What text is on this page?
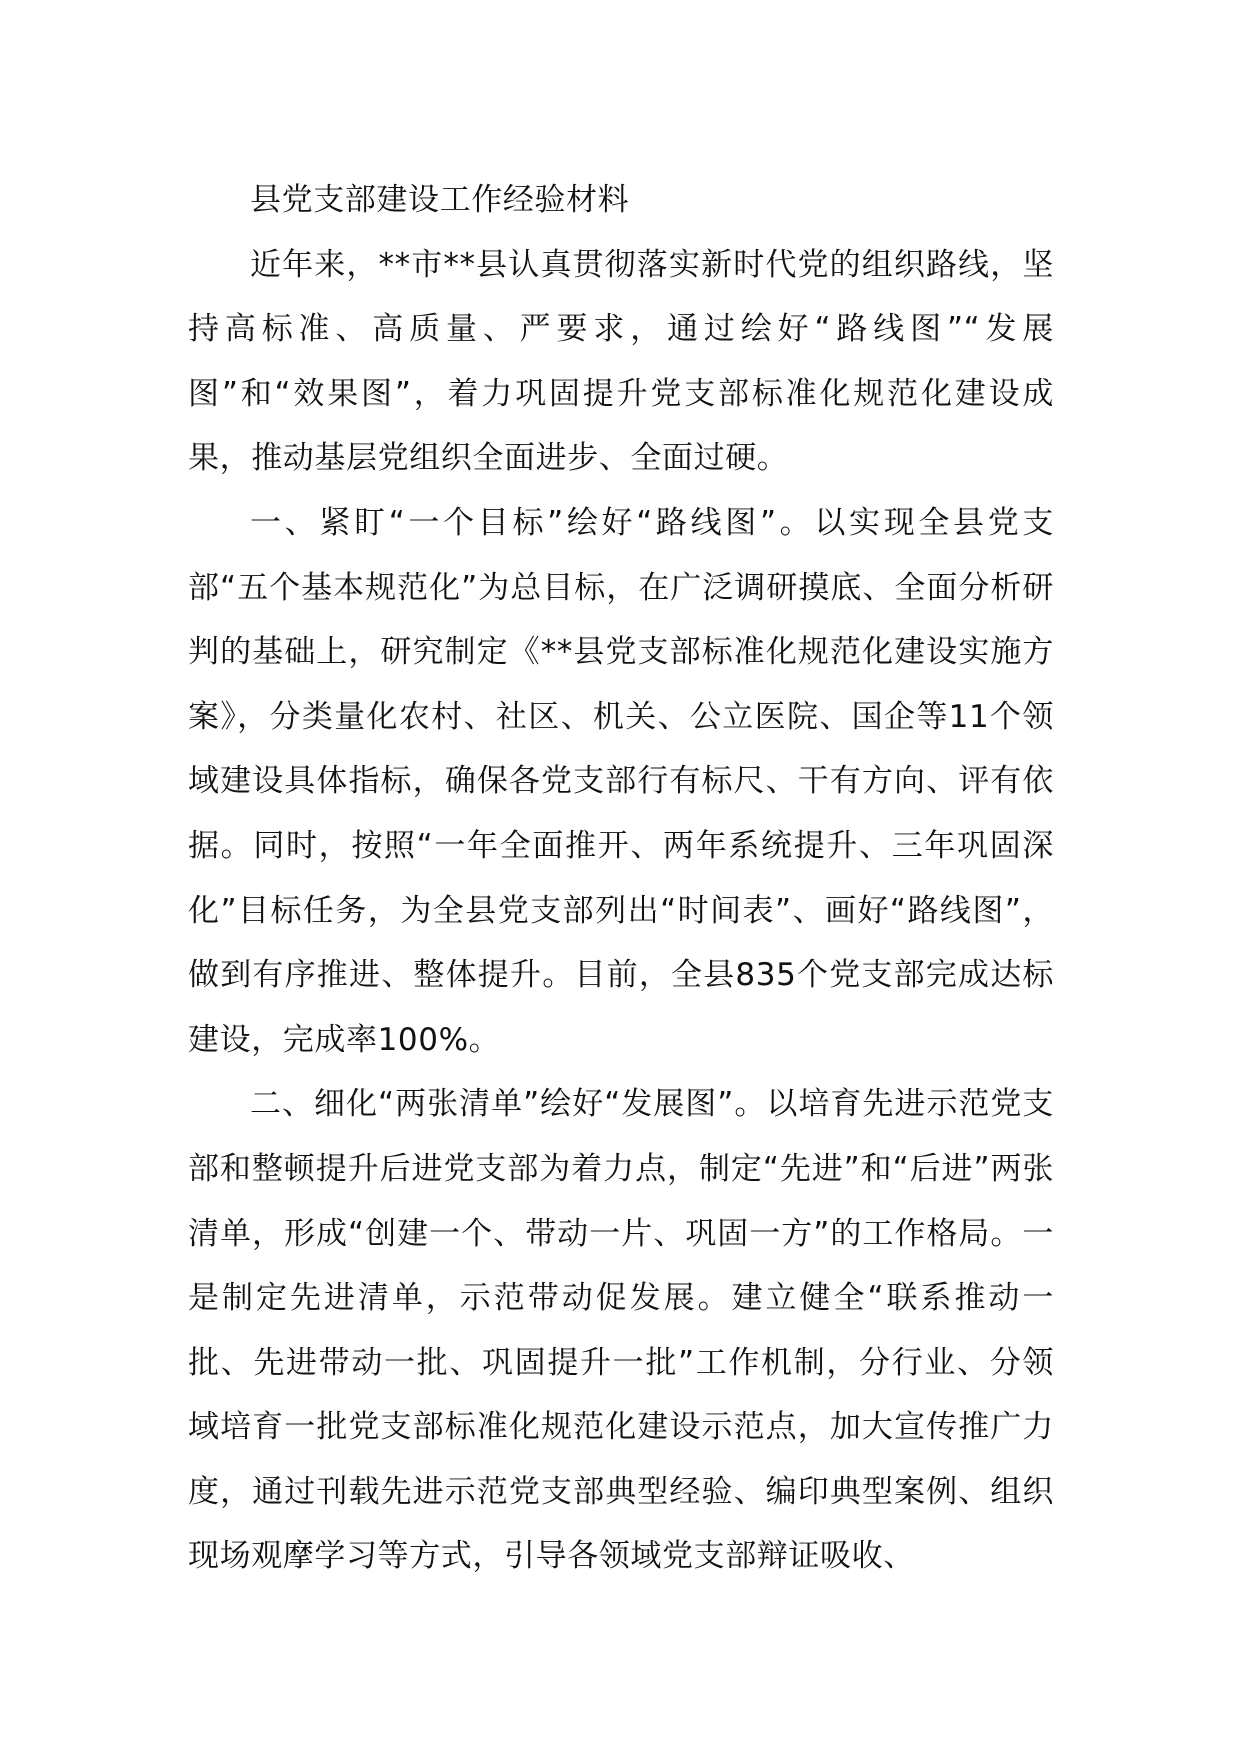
县党支部建设工作经验材料

近年来，**市**县认真贯彻落实新时代党的组织路线，坚持高标准、高质量、严要求，通过绘好“路线图”“发展图”和“效果图”，着力巩固提升党支部标准化规范化建设成果，推动基层党组织全面进步、全面过硬。

一、紧盯“一个目标”绘好“路线图”。以实现全县党支部“五个基本规范化”为总目标，在广泛调研摸底、全面分析研判的基础上，研究制定《**县党支部标准化规范化建设实施方案》，分类量化农村、社区、机关、公立医院、国企等11个领域建设具体指标，确保各党支部行有标尺、干有方向、评有依据。同时，按照“一年全面推开、两年系统提升、三年巩固深化”目标任务，为全县党支部列出“时间表”、画好“路线图”，做到有序推进、整体提升。目前，全县835个党支部完成达标建设，完成率100%。

二、细化“两张清单”绘好“发展图”。以培育先进示范党支部和整顿提升后进党支部为着力点，制定“先进”和“后进”两张清单，形成“创建一个、带动一片、巩固一方”的工作格局。一是制定先进清单，示范带动促发展。建立健全“联系推动一批、先进带动一批、巩固提升一批”工作机制，分行业、分领域培育一批党支部标准化规范化建设示范点，加大宣传推广力度，通过刊载先进示范党支部典型经验、编印典型案例、组织现场观摩学习等方式，引导各领域党支部辩证吸收、
